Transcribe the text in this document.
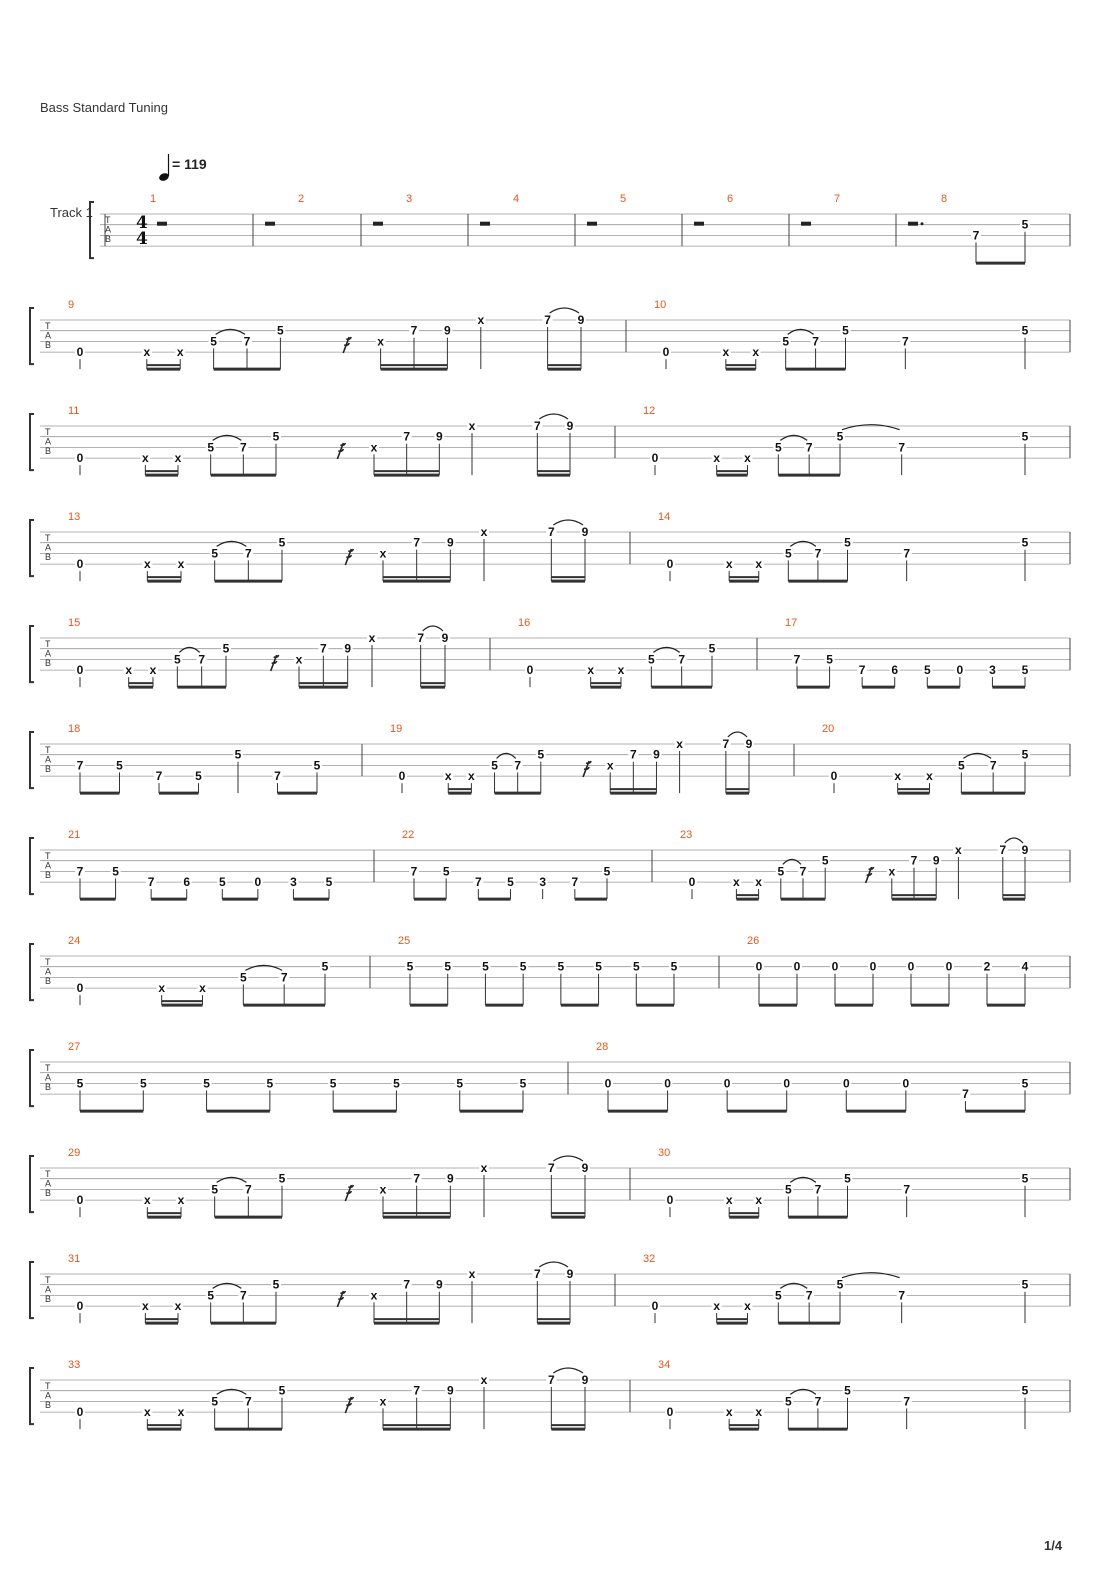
Bass Standard Tuning
= 119
Track 1 T
A
B
4
4
1	2	3	4	5	6	7	8
7
5
T
A
B
9
0	x x
5 7
5
x
7 9
x	7 9
10
0	x x
5 7
5
7
5
T
A
B
11
0	x x
5 7
5
x
7 9
x	7 9
12
0	x x
5 7
5
7
5
T
A
B
13
0	x x
5 7
5
x
7 9
x	7 9
14
0	x x
5 7
5
7
5
T
A
B
15
0	x x
5 7
5
x
7 9
x	7 9
16
0	x x
5 7
5
17
7 5
7 6 5 0 3 5
T
A
B
18
7	5
7	5
5
7
5
19
0	x x
5 7
5
x
7 9
x	7 9
20
0	x x
5 7
5
T
A
B
21
7 5
7 6 5 0 3 5
22
7 5
7 5 3 7
5
23
0	x x
5 7
5
x
7 9
x	7 9
T
A
B
24
0	x	x
5	7
5
25
5	5	5	5	5	5	5	5
26
0	0	0	0	0	0	2	4
T
A
B
27
5	5	5	5	5	5	5	5
28
0	0	0	0	0	0
7
5
T
A
B
29
0	x x
5 7
5
x
7 9
x	7 9
30
0	x x
5 7
5
7
5
T
A
B
31
0	x x
5 7
5
x
7 9
x	7 9
32
0	x x
5 7
5
7
5
T
A
B
33
0	x x
5 7
5
x
7 9
x	7 9
34
0	x x
5 7
5
7
5
1/4
